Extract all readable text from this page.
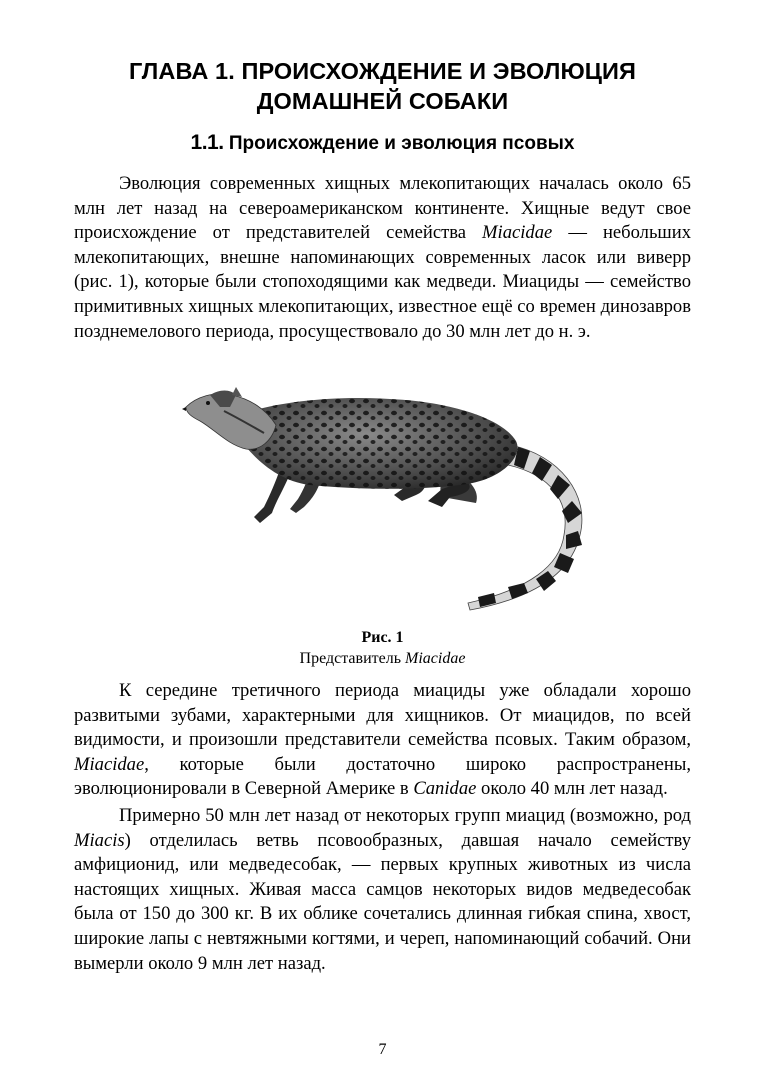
ГЛАВА 1. ПРОИСХОЖДЕНИЕ И ЭВОЛЮЦИЯ
ДОМАШНЕЙ СОБАКИ
1.1. Происхождение и эволюция псовых

Эволюция современных хищных млекопитающих началась около 65 млн лет назад на североамериканском континенте. Хищные ведут свое происхождение от представителей семейства Miacidae — небольших млекопитающих, внешне напоминающих современных ласок или виверр (рис. 1), которые были стопоходящими как медведи. Миациды — семейство примитивных хищных млекопитающих, известное ещё со времен динозавров позднемелового периода, просуществовало до 30 млн лет до н. э.

Рис. 1
Представитель Miacidae

К середине третичного периода миациды уже обладали хорошо развитыми зубами, характерными для хищников. От миацидов, по всей видимости, и произошли представители семейства псовых. Таким образом, Miacidae, которые были достаточно широко распространены, эволюционировали в Северной Америке в Canidae около 40 млн лет назад.

Примерно 50 млн лет назад от некоторых групп миацид (возможно, род Miacis) отделилась ветвь псовообразных, давшая начало семейству амфиционид, или медведесобак, — первых крупных животных из числа настоящих хищных. Живая масса самцов некоторых видов медведесобак была от 150 до 300 кг. В их облике сочетались длинная гибкая спина, хвост, широкие лапы с невтяжными когтями, и череп, напоминающий собачий. Они вымерли около 9 млн лет назад.

7
